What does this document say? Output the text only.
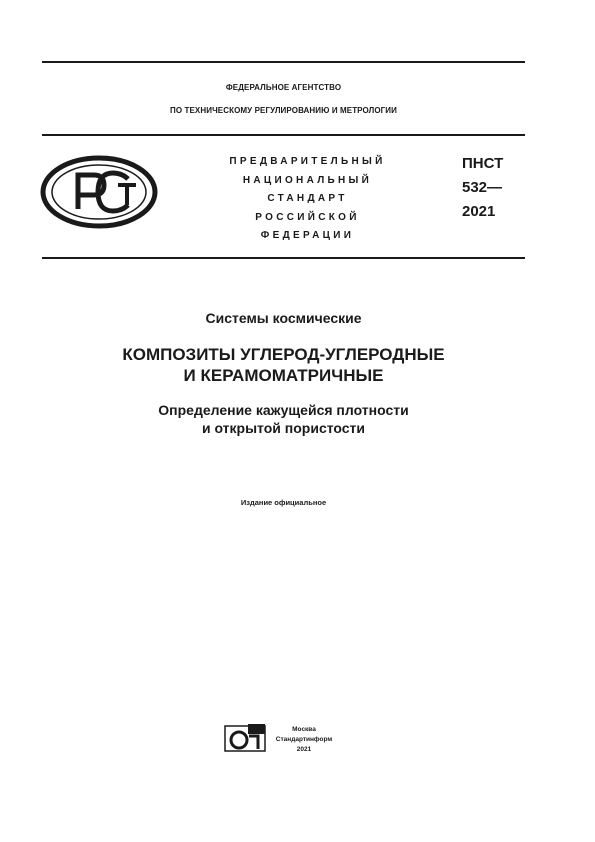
ФЕДЕРАЛЬНОЕ АГЕНТСТВО
ПО ТЕХНИЧЕСКОМУ РЕГУЛИРОВАНИЮ И МЕТРОЛОГИИ
ПРЕДВАРИТЕЛЬНЫЙ
НАЦИОНАЛЬНЫЙ
СТАНДАРТ
РОССИЙСКОЙ
ФЕДЕРАЦИИ
ПНСТ
532—
2021
Системы космические
КОМПОЗИТЫ УГЛЕРОД-УГЛЕРОДНЫЕ
И КЕРАМОМАТРИЧНЫЕ
Определение кажущейся плотности
и открытой пористости
Издание официальное
Москва
Стандартинформ
2021
